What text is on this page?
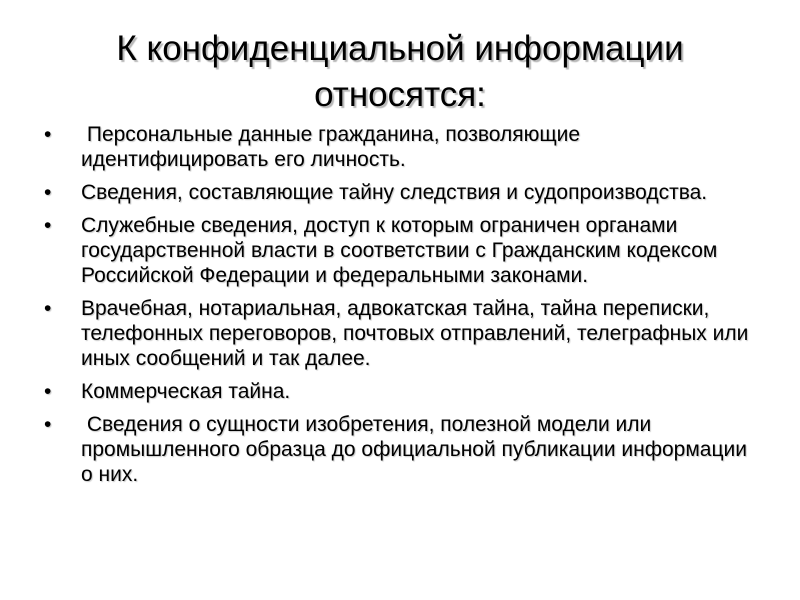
К конфиденциальной информации относятся:
•	Персональные данные гражданина, позволяющие идентифицировать его личность.
•	Сведения, составляющие тайну следствия и судопроизводства.
•	Служебные сведения, доступ к которым ограничен органами государственной власти в соответствии с Гражданским кодексом Российской Федерации и федеральными законами.
•	Врачебная, нотариальная, адвокатская тайна, тайна переписки, телефонных переговоров, почтовых отправлений, телеграфных или иных сообщений и так далее.
•	Коммерческая тайна.
•	Сведения о сущности изобретения, полезной модели или промышленного образца до официальной публикации информации о них.
